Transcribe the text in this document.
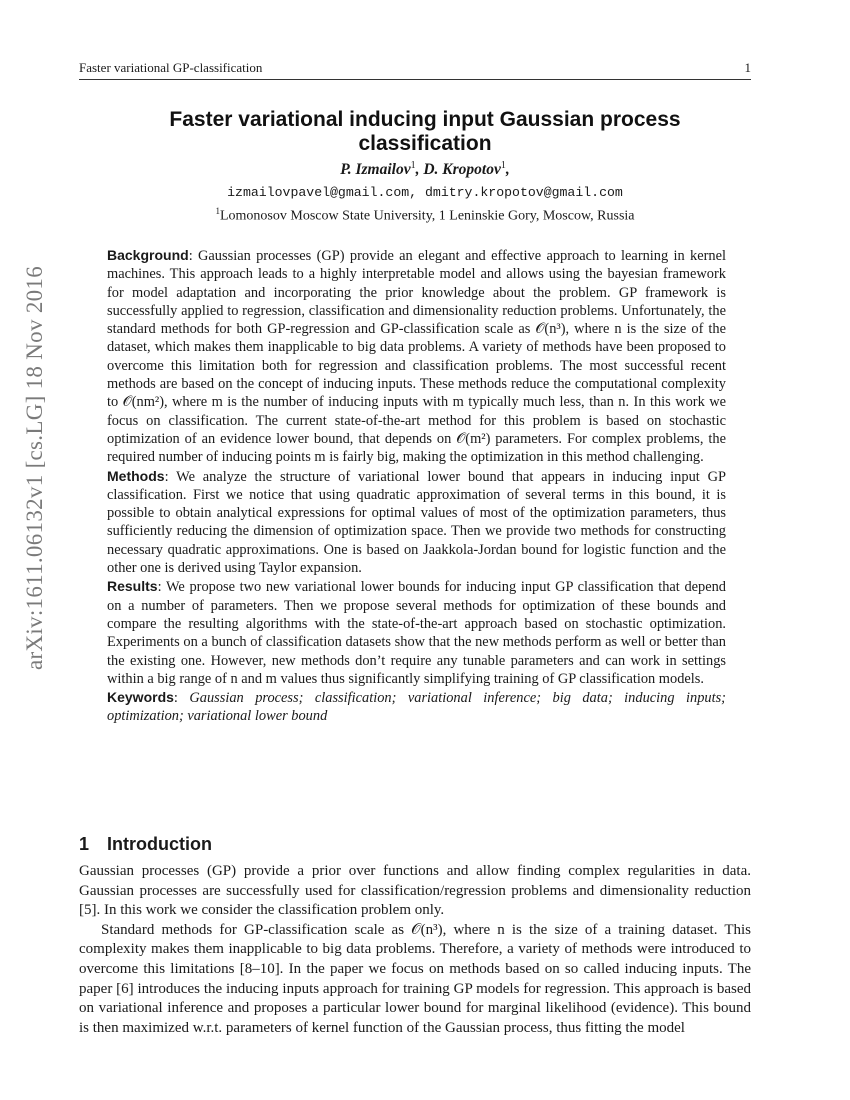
Faster variational GP-classification	1
arXiv:1611.06132v1 [cs.LG] 18 Nov 2016
Faster variational inducing input Gaussian process classification
P. Izmailov$^1$, D. Kropotov$^1$,
izmailovpavel@gmail.com, dmitry.kropotov@gmail.com
$^1$Lomonosov Moscow State University, 1 Leninskie Gory, Moscow, Russia

Background: Gaussian processes (GP) provide an elegant and effective approach to learning in kernel machines. This approach leads to a highly interpretable model and allows using the bayesian framework for model adaptation and incorporating the prior knowledge about the problem. GP framework is successfully applied to regression, classification and dimensionality reduction problems. Unfortunately, the standard methods for both GP-regression and GP-classification scale as 𝒪(n³), where n is the size of the dataset, which makes them inapplicable to big data problems. A variety of methods have been proposed to overcome this limitation both for regression and classification problems. The most successful recent methods are based on the concept of inducing inputs. These methods reduce the computational complexity to 𝒪(nm²), where m is the number of inducing inputs with m typically much less, than n. In this work we focus on classification. The current state-of-the-art method for this problem is based on stochastic optimization of an evidence lower bound, that depends on 𝒪(m²) parameters. For complex problems, the required number of inducing points m is fairly big, making the optimization in this method challenging.

Methods: We analyze the structure of variational lower bound that appears in inducing input GP classification. First we notice that using quadratic approximation of several terms in this bound, it is possible to obtain analytical expressions for optimal values of most of the optimization parameters, thus sufficiently reducing the dimension of optimization space. Then we provide two methods for constructing necessary quadratic approximations. One is based on Jaakkola-Jordan bound for logistic function and the other one is derived using Taylor expansion.

Results: We propose two new variational lower bounds for inducing input GP classification that depend on a number of parameters. Then we propose several methods for optimization of these bounds and compare the resulting algorithms with the state-of-the-art approach based on stochastic optimization. Experiments on a bunch of classification datasets show that the new methods perform as well or better than the existing one. However, new methods don’t require any tunable parameters and can work in settings within a big range of n and m values thus significantly simplifying training of GP classification models.

Keywords: Gaussian process; classification; variational inference; big data; inducing inputs; optimization; variational lower bound

1 Introduction

Gaussian processes (GP) provide a prior over functions and allow finding complex regularities in data. Gaussian processes are successfully used for classification/regression problems and dimensionality reduction [5]. In this work we consider the classification problem only.

Standard methods for GP-classification scale as 𝒪(n³), where n is the size of a training dataset. This complexity makes them inapplicable to big data problems. Therefore, a variety of methods were introduced to overcome this limitations [8–10]. In the paper we focus on methods based on so called inducing inputs. The paper [6] introduces the inducing inputs approach for training GP models for regression. This approach is based on variational inference and proposes a particular lower bound for marginal likelihood (evidence). This bound is then maximized w.r.t. parameters of kernel function of the Gaussian process, thus fitting the model
